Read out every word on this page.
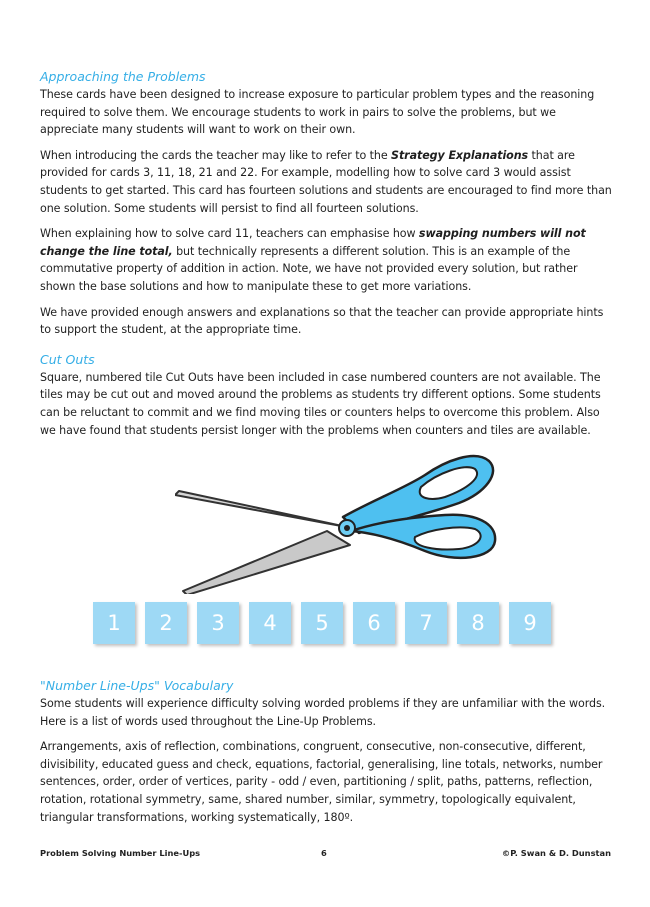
Approaching the Problems

These cards have been designed to increase exposure to particular problem types and the reasoning required to solve them. We encourage students to work in pairs to solve the problems, but we appreciate many students will want to work on their own.

When introducing the cards the teacher may like to refer to the Strategy Explanations that are provided for cards 3, 11, 18, 21 and 22. For example, modelling how to solve card 3 would assist students to get started. This card has fourteen solutions and students are encouraged to find more than one solution. Some students will persist to find all fourteen solutions.

When explaining how to solve card 11, teachers can emphasise how swapping numbers will not change the line total, but technically represents a different solution. This is an example of the commutative property of addition in action. Note, we have not provided every solution, but rather shown the base solutions and how to manipulate these to get more variations.

We have provided enough answers and explanations so that the teacher can provide appropriate hints to support the student, at the appropriate time.

Cut Outs

Square, numbered tile Cut Outs have been included in case numbered counters are not available. The tiles may be cut out and moved around the problems as students try different options. Some students can be reluctant to commit and we find moving tiles or counters helps to overcome this problem. Also we have found that students persist longer with the problems when counters and tiles are available.

1	2	3	4	5	6	7	8	9
"Number Line-Ups" Vocabulary

Some students will experience difficulty solving worded problems if they are unfamiliar with the words. Here is a list of words used throughout the Line-Up Problems.

Arrangements, axis of reflection, combinations, congruent, consecutive, non-consecutive, different, divisibility, educated guess and check, equations, factorial, generalising, line totals, networks, number sentences, order, order of vertices, parity - odd / even, partitioning / split, paths, patterns, reflection, rotation, rotational symmetry, same, shared number, similar, symmetry, topologically equivalent, triangular transformations, working systematically, 180º.

Problem Solving Number Line-Ups	6	©P. Swan & D. Dunstan
